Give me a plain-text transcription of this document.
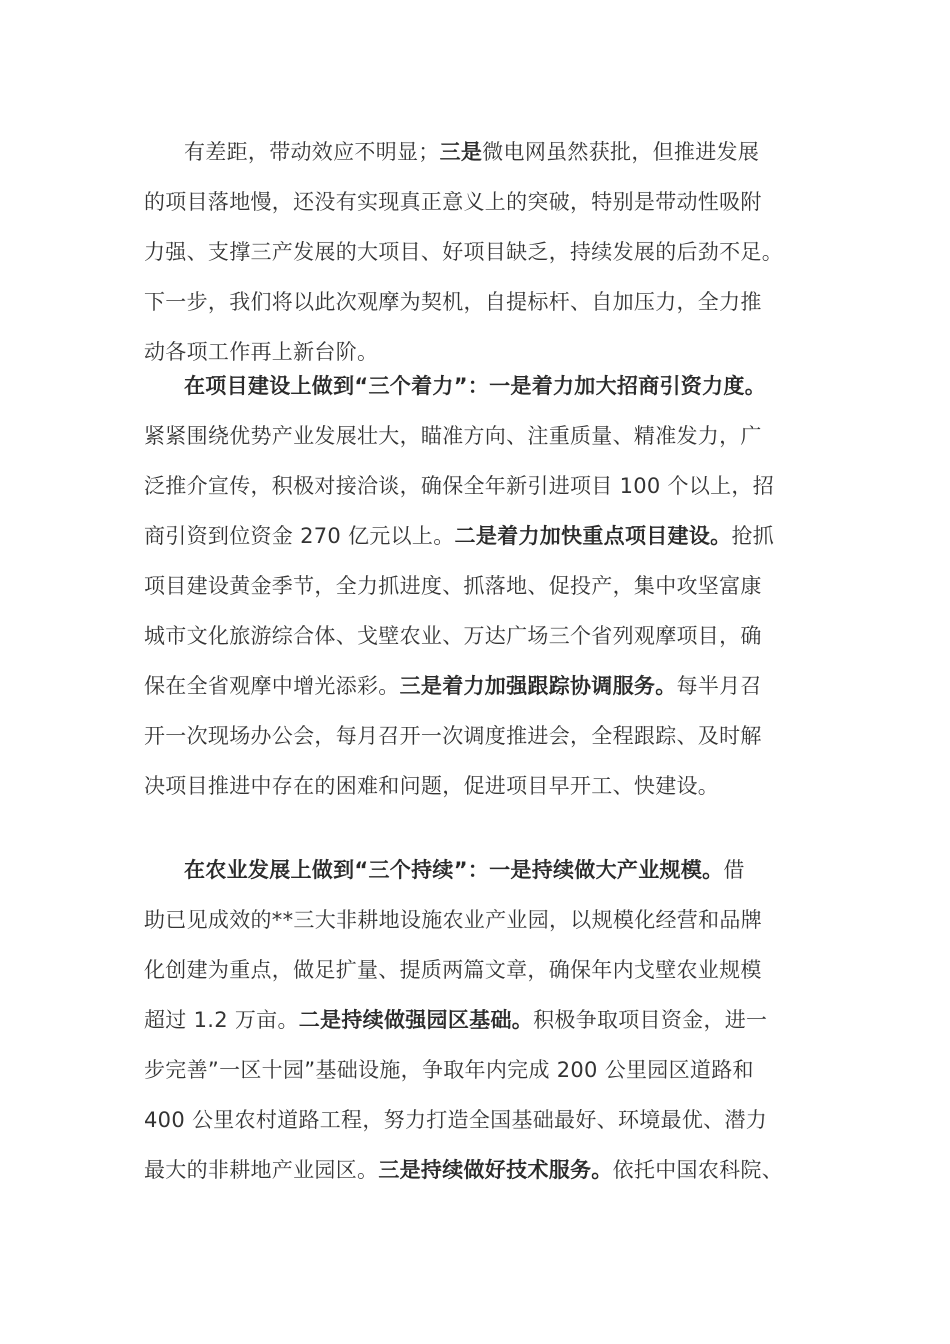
有差距，带动效应不明显；三是微电网虽然获批，但推进发展
的项目落地慢，还没有实现真正意义上的突破，特别是带动性吸附
力强、支撑三产发展的大项目、好项目缺乏，持续发展的后劲不足。
下一步，我们将以此次观摩为契机，自提标杆、自加压力，全力推
动各项工作再上新台阶。
在项目建设上做到“三个着力”：一是着力加大招商引资力度。
紧紧围绕优势产业发展壮大，瞄准方向、注重质量、精准发力，广
泛推介宣传，积极对接洽谈，确保全年新引进项目 100 个以上，招
商引资到位资金 270 亿元以上。二是着力加快重点项目建设。抢抓
项目建设黄金季节，全力抓进度、抓落地、促投产，集中攻坚富康
城市文化旅游综合体、戈壁农业、万达广场三个省列观摩项目，确
保在全省观摩中增光添彩。三是着力加强跟踪协调服务。每半月召
开一次现场办公会，每月召开一次调度推进会，全程跟踪、及时解
决项目推进中存在的困难和问题，促进项目早开工、快建设。
在农业发展上做到“三个持续”：一是持续做大产业规模。借
助已见成效的**三大非耕地设施农业产业园，以规模化经营和品牌
化创建为重点，做足扩量、提质两篇文章，确保年内戈壁农业规模
超过 1.2 万亩。二是持续做强园区基础。积极争取项目资金，进一
步完善”一区十园”基础设施，争取年内完成 200 公里园区道路和
400 公里农村道路工程，努力打造全国基础最好、环境最优、潜力
最大的非耕地产业园区。三是持续做好技术服务。依托中国农科院、
